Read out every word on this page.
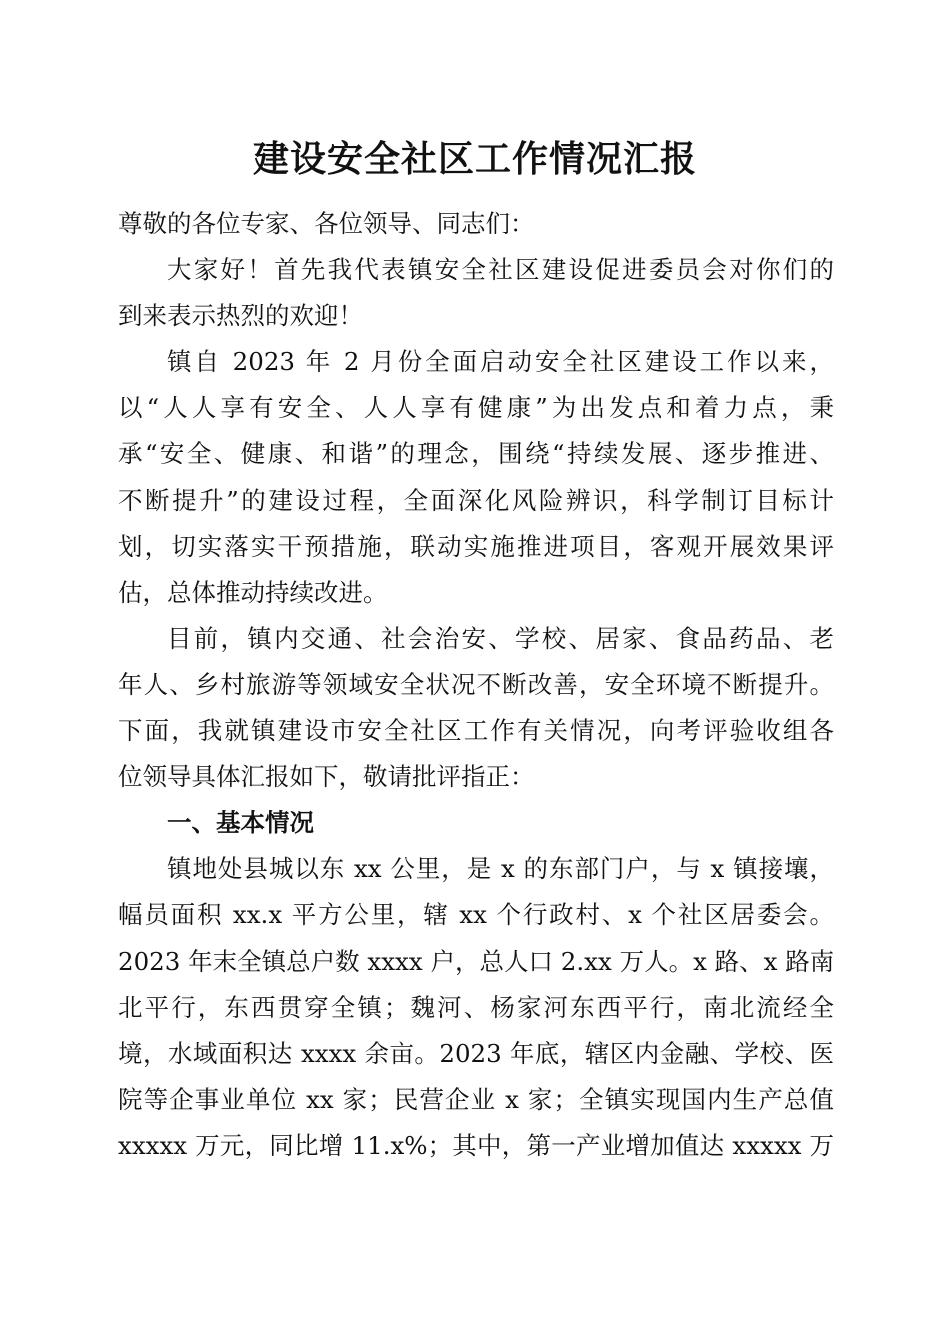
建设安全社区工作情况汇报

尊敬的各位专家、各位领导、同志们：

大家好！首先我代表镇安全社区建设促进委员会对你们的
到来表示热烈的欢迎！

镇自 2023 年 2 月份全面启动安全社区建设工作以来，
以“人人享有安全、人人享有健康”为出发点和着力点，秉
承“安全、健康、和谐”的理念，围绕“持续发展、逐步推进、
不断提升”的建设过程，全面深化风险辨识，科学制订目标计
划，切实落实干预措施，联动实施推进项目，客观开展效果评
估，总体推动持续改进。

目前，镇内交通、社会治安、学校、居家、食品药品、老
年人、乡村旅游等领域安全状况不断改善，安全环境不断提升。
下面，我就镇建设市安全社区工作有关情况，向考评验收组各
位领导具体汇报如下，敬请批评指正：

一、基本情况

镇地处县城以东 xx 公里，是 x 的东部门户，与 x 镇接壤，
幅员面积 xx.x 平方公里，辖 xx 个行政村、x 个社区居委会。
2023 年末全镇总户数 xxxx 户，总人口 2.xx 万人。x 路、x 路南
北平行，东西贯穿全镇；魏河、杨家河东西平行，南北流经全
境，水域面积达 xxxx 余亩。2023 年底，辖区内金融、学校、医
院等企事业单位 xx 家；民营企业 x 家；全镇实现国内生产总值
xxxxx 万元，同比增 11.x%；其中，第一产业增加值达 xxxxx 万
